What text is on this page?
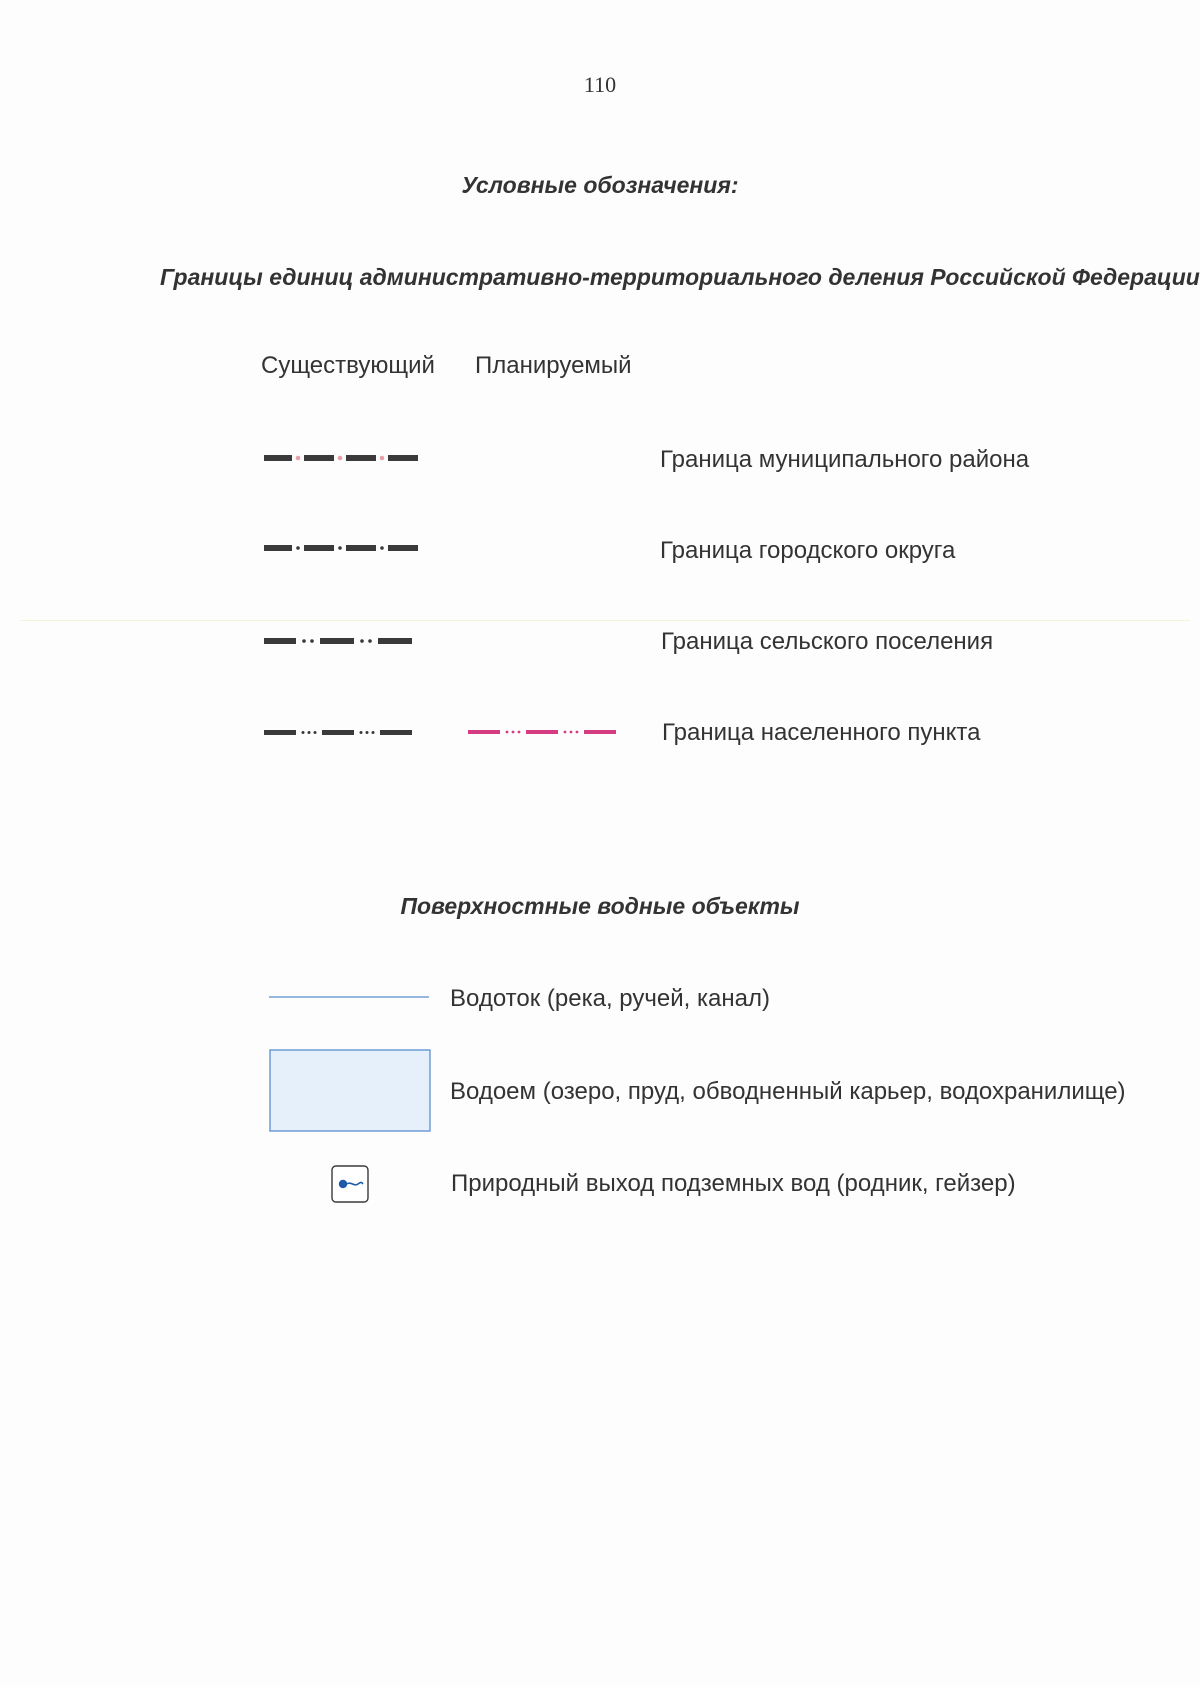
110
Условные обозначения:
Границы единиц административно-территориального деления Российской Федерации
Существующий Планируемый
Граница муниципального района
Граница городского округа
Граница сельского поселения
Граница населенного пункта
Поверхностные водные объекты
Водоток (река, ручей, канал)
Водоем (озеро, пруд, обводненный карьер, водохранилище)
Природный выход подземных вод (родник, гейзер)
